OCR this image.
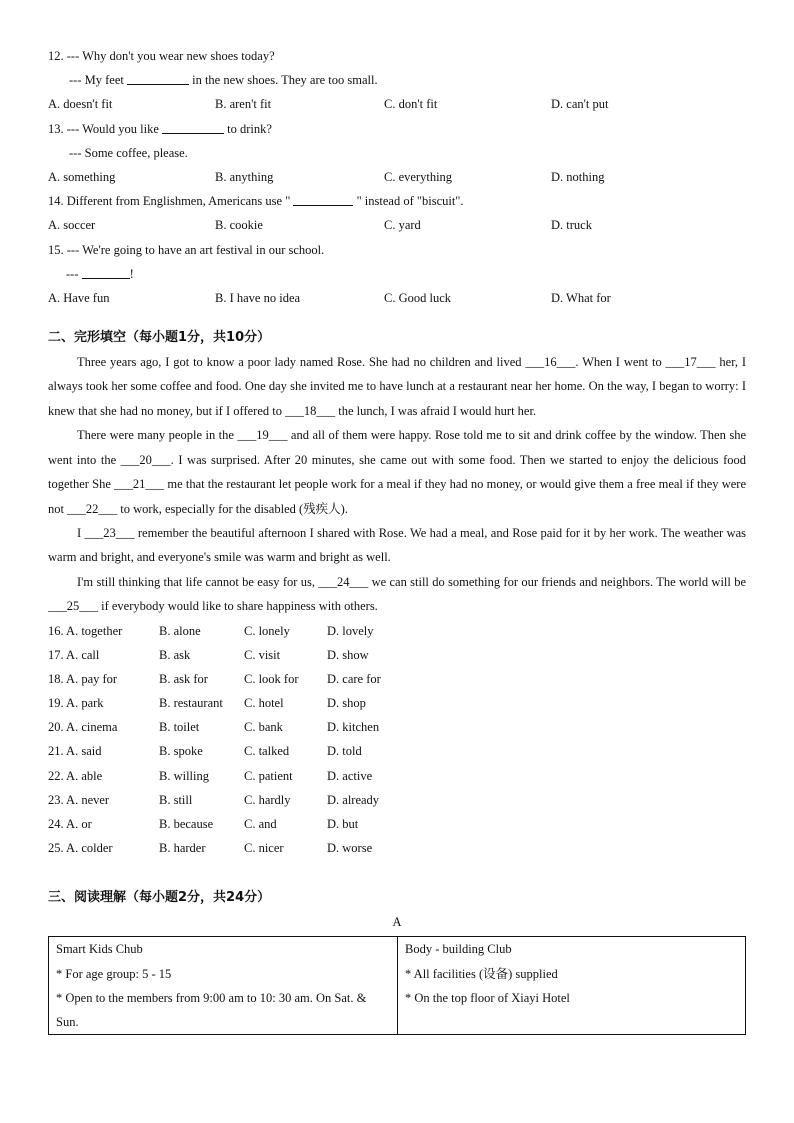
12. --- Why don't you wear new shoes today?
--- My feet	in the new shoes. They are too small.
A. doesn't fit	B. aren't fit	C. don't fit	D. can't put
13. --- Would you like	to drink?
--- Some coffee, please.
A. something	B. anything	C. everything	D. nothing
14. Different from Englishmen, Americans use "	" instead of "biscuit".
A. soccer	B. cookie	C. yard	D. truck
15. --- We're going to have an art festival in our school.
---	!
A. Have fun	B. I have no idea	C. Good luck	D. What for
二、完形填空（每小题1分，共10分）

Three years ago, I got to know a poor lady named Rose. She had no children and lived ___16___. When I went to ___17___ her, I always took her some coffee and food. One day she invited me to have lunch at a restaurant near her home. On the way, I began to worry: I knew that she had no money, but if I offered to ___18___ the lunch, I was afraid I would hurt her.

There were many people in the ___19___ and all of them were happy. Rose told me to sit and drink coffee by the window. Then she went into the ___20___. I was surprised. After 20 minutes, she came out with some food. Then we started to enjoy the delicious food together She ___21___ me that the restaurant let people work for a meal if they had no money, or would give them a free meal if they were not ___22___ to work, especially for the disabled (残疾人).

I ___23___ remember the beautiful afternoon I shared with Rose. We had a meal, and Rose paid for it by her work. The weather was warm and bright, and everyone's smile was warm and bright as well.

I'm still thinking that life cannot be easy for us, ___24___ we can still do something for our friends and neighbors. The world will be ___25___ if everybody would like to share happiness with others.

16. A. together	B. alone	C. lonely	D. lovely
17. A. call	B. ask	C. visit	D. show
18. A. pay for	B. ask for	C. look for D. care for
19. A. park	B. restaurant C. hotel	D. shop
20. A. cinema	B. toilet	C. bank	D. kitchen
21. A. said	B. spoke	C. talked	D. told
22. A. able	B. willing	C. patient	D. active
23. A. never	B. still	C. hardly	D. already
24. A. or	B. because C. and	D. but
25. A. colder	B. harder	C. nicer	D. worse
三、阅读理解（每小题2分，共24分）
A
Smart Kids Chub
* For age group: 5 - 15
* Open to the members from 9:00 am to 10: 30 am. On Sat. & Sun.

Body - building Club
* All facilities (设备) supplied
* On the top floor of Xiayi Hotel
